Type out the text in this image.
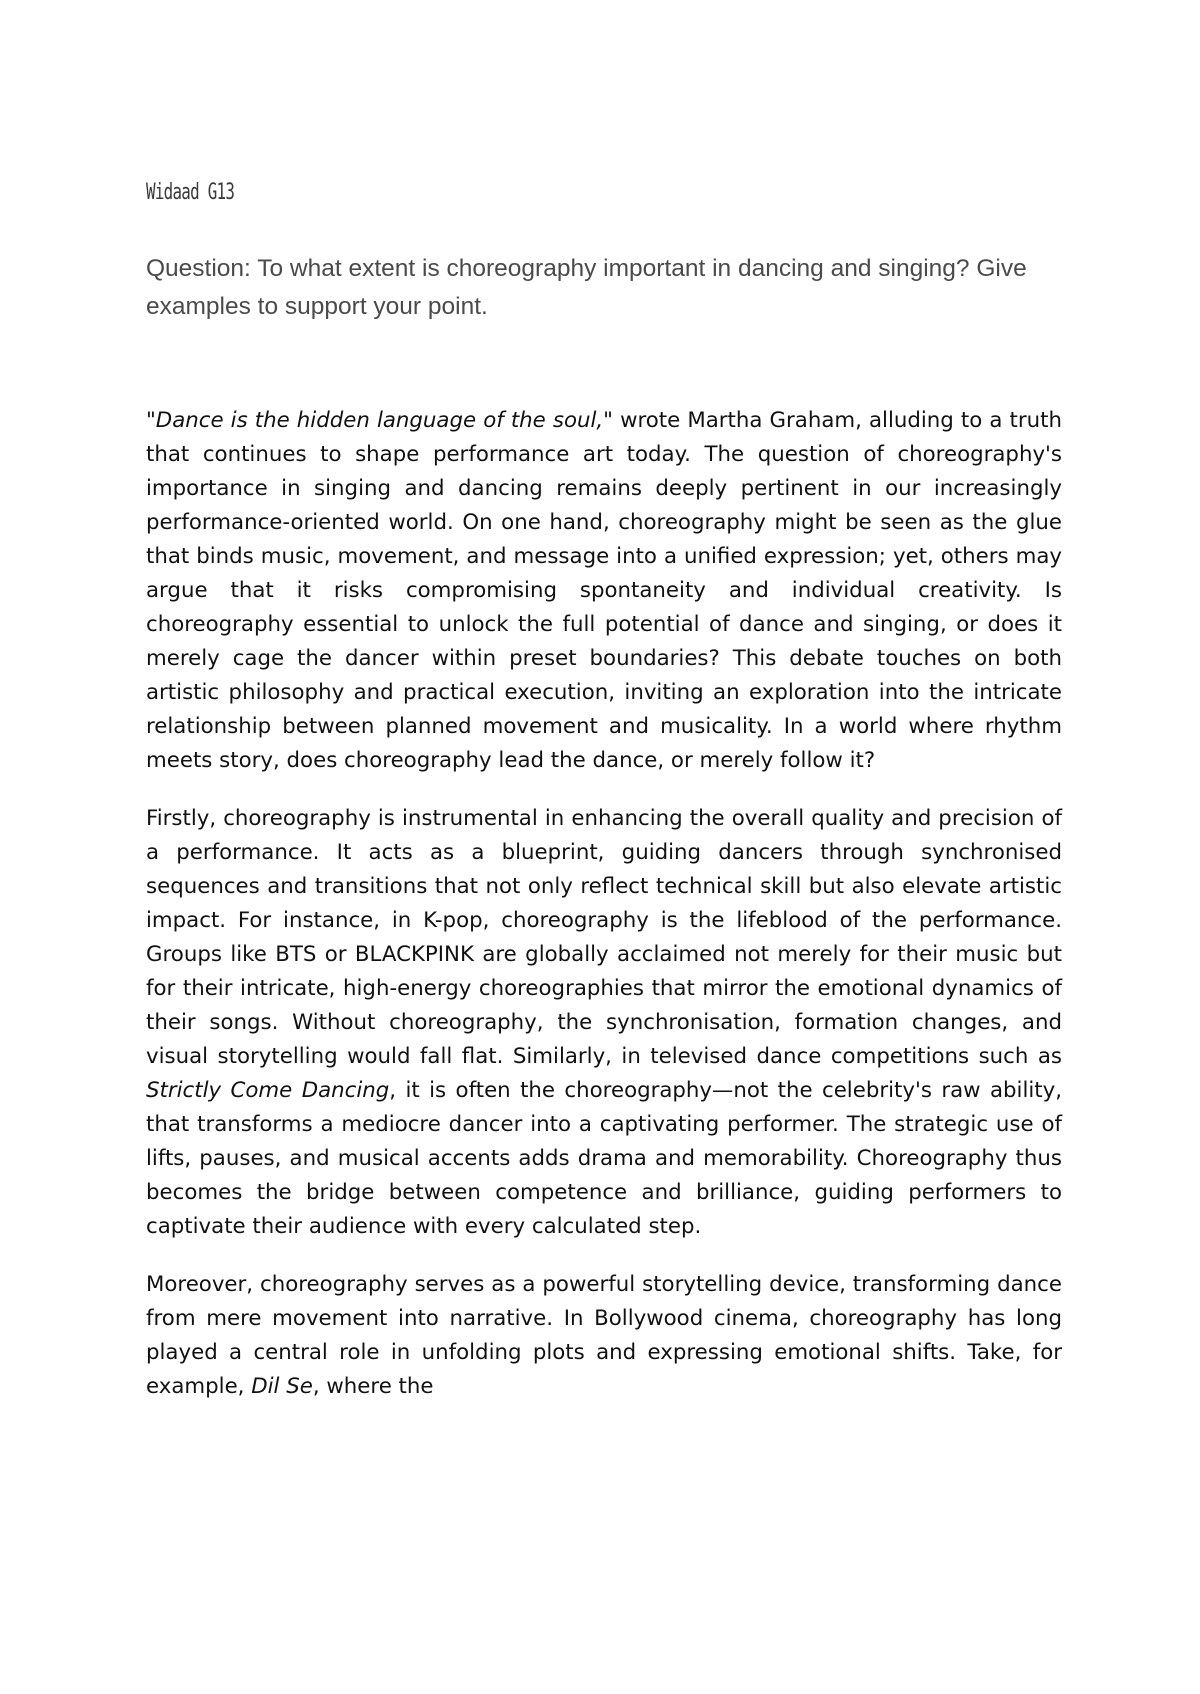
Widaad G13

Question: To what extent is choreography important in dancing and singing? Give examples to support your point.

"Dance is the hidden language of the soul," wrote Martha Graham, alluding to a truth that continues to shape performance art today. The question of choreography's importance in singing and dancing remains deeply pertinent in our increasingly performance-oriented world. On one hand, choreography might be seen as the glue that binds music, movement, and message into a unified expression; yet, others may argue that it risks compromising spontaneity and individual creativity. Is choreography essential to unlock the full potential of dance and singing, or does it merely cage the dancer within preset boundaries? This debate touches on both artistic philosophy and practical execution, inviting an exploration into the intricate relationship between planned movement and musicality. In a world where rhythm meets story, does choreography lead the dance, or merely follow it?

Firstly, choreography is instrumental in enhancing the overall quality and precision of a performance. It acts as a blueprint, guiding dancers through synchronised sequences and transitions that not only reflect technical skill but also elevate artistic impact. For instance, in K-pop, choreography is the lifeblood of the performance. Groups like BTS or BLACKPINK are globally acclaimed not merely for their music but for their intricate, high-energy choreographies that mirror the emotional dynamics of their songs. Without choreography, the synchronisation, formation changes, and visual storytelling would fall flat. Similarly, in televised dance competitions such as Strictly Come Dancing, it is often the choreography—not the celebrity's raw ability, that transforms a mediocre dancer into a captivating performer. The strategic use of lifts, pauses, and musical accents adds drama and memorability. Choreography thus becomes the bridge between competence and brilliance, guiding performers to captivate their audience with every calculated step.

Moreover, choreography serves as a powerful storytelling device, transforming dance from mere movement into narrative. In Bollywood cinema, choreography has long played a central role in unfolding plots and expressing emotional shifts. Take, for example, Dil Se, where the
